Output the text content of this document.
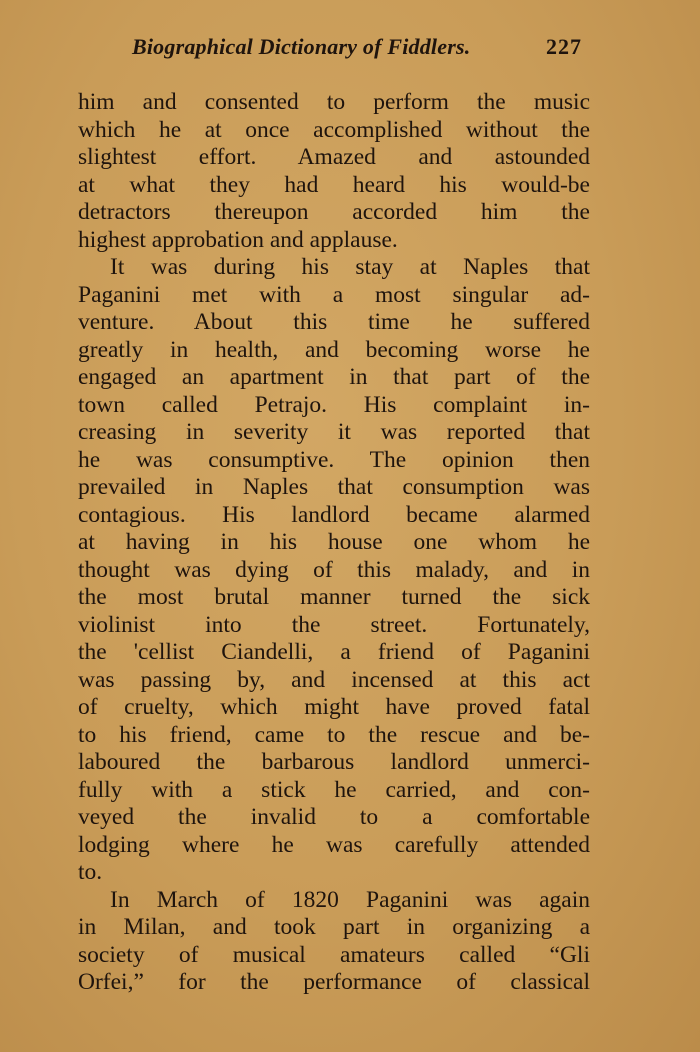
Biographical Dictionary of Fiddlers.	227
him and consented to perform the music
which he at once accomplished without the
slightest effort. Amazed and astounded
at what they had heard his would-be
detractors thereupon accorded him the
highest approbation and applause.
It was during his stay at Naples that
Paganini met with a most singular ad-
venture. About this time he suffered
greatly in health, and becoming worse he
engaged an apartment in that part of the
town called Petrajo. His complaint in-
creasing in severity it was reported that
he was consumptive. The opinion then
prevailed in Naples that consumption was
contagious. His landlord became alarmed
at having in his house one whom he
thought was dying of this malady, and in
the most brutal manner turned the sick
violinist into the street. Fortunately,
the 'cellist Ciandelli, a friend of Paganini
was passing by, and incensed at this act
of cruelty, which might have proved fatal
to his friend, came to the rescue and be-
laboured the barbarous landlord unmerci-
fully with a stick he carried, and con-
veyed the invalid to a comfortable
lodging where he was carefully attended
to.
In March of 1820 Paganini was again
in Milan, and took part in organizing a
society of musical amateurs called “Gli
Orfei,” for the performance of classical
